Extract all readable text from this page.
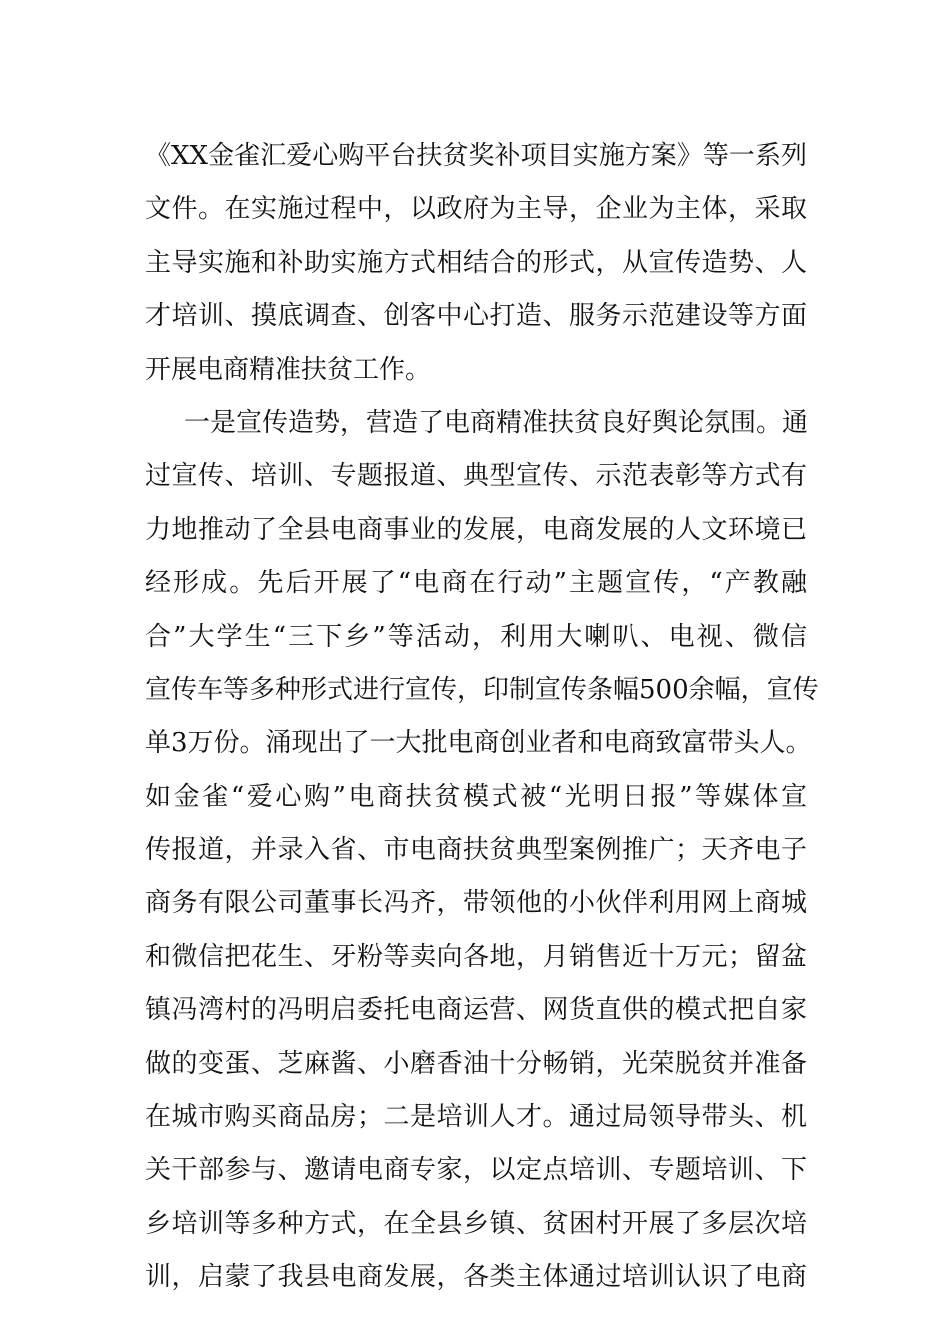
《XX金雀汇爱心购平台扶贫奖补项目实施方案》等一系列
文件。在实施过程中，以政府为主导，企业为主体，采取
主导实施和补助实施方式相结合的形式，从宣传造势、人
才培训、摸底调查、创客中心打造、服务示范建设等方面
开展电商精准扶贫工作。
一是宣传造势，营造了电商精准扶贫良好舆论氛围。通
过宣传、培训、专题报道、典型宣传、示范表彰等方式有
力地推动了全县电商事业的发展，电商发展的人文环境已
经形成。先后开展了“电商在行动”主题宣传，“产教融
合”大学生“三下乡”等活动，利用大喇叭、电视、微信
宣传车等多种形式进行宣传，印制宣传条幅500余幅，宣传
单3万份。涌现出了一大批电商创业者和电商致富带头人。
如金雀“爱心购”电商扶贫模式被“光明日报”等媒体宣
传报道，并录入省、市电商扶贫典型案例推广；天齐电子
商务有限公司董事长冯齐，带领他的小伙伴利用网上商城
和微信把花生、牙粉等卖向各地，月销售近十万元；留盆
镇冯湾村的冯明启委托电商运营、网货直供的模式把自家
做的变蛋、芝麻酱、小磨香油十分畅销，光荣脱贫并准备
在城市购买商品房；二是培训人才。通过局领导带头、机
关干部参与、邀请电商专家，以定点培训、专题培训、下
乡培训等多种方式，在全县乡镇、贫困村开展了多层次培
训，启蒙了我县电商发展，各类主体通过培训认识了电商
